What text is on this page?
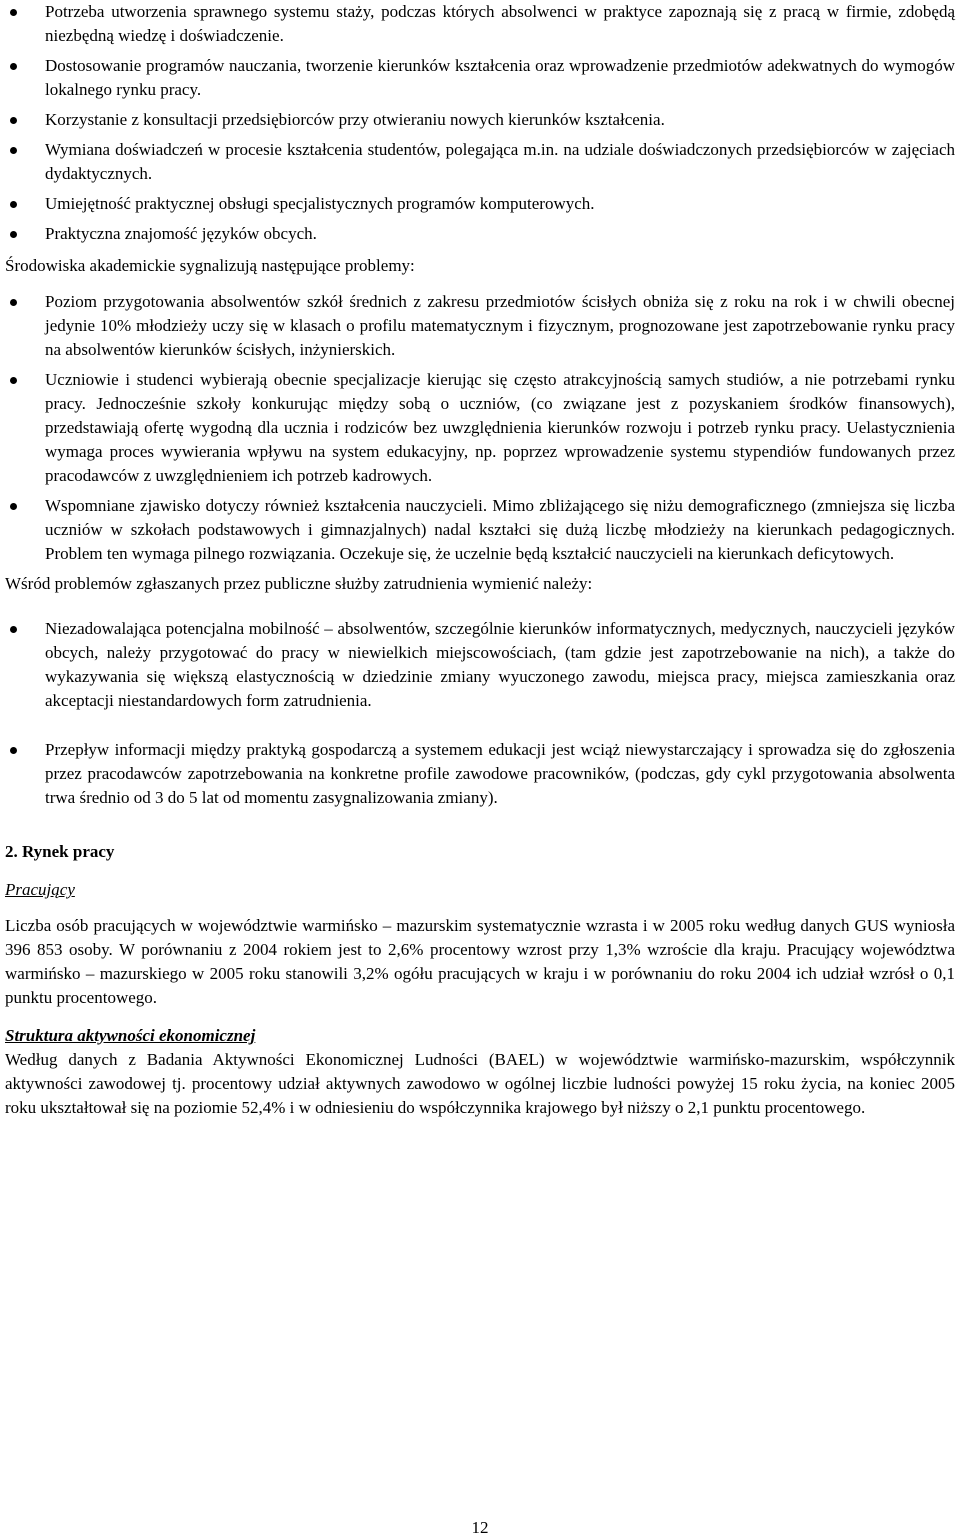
Potrzeba utworzenia sprawnego systemu staży, podczas których absolwenci w praktyce zapoznają się z pracą w firmie, zdobędą niezbędną wiedzę i doświadczenie.
Dostosowanie programów nauczania, tworzenie kierunków kształcenia oraz wprowadzenie przedmiotów adekwatnych do wymogów lokalnego rynku pracy.
Korzystanie z konsultacji przedsiębiorców przy otwieraniu nowych kierunków kształcenia.
Wymiana doświadczeń w procesie kształcenia studentów, polegająca m.in. na udziale doświadczonych przedsiębiorców w zajęciach dydaktycznych.
Umiejętność praktycznej obsługi specjalistycznych programów komputerowych.
Praktyczna znajomość języków obcych.

Środowiska akademickie sygnalizują następujące problemy:

Poziom przygotowania absolwentów szkół średnich z zakresu przedmiotów ścisłych obniża się z roku na rok i w chwili obecnej jedynie 10% młodzieży uczy się w klasach o profilu matematycznym i fizycznym, prognozowane jest zapotrzebowanie rynku pracy na absolwentów kierunków ścisłych, inżynierskich.
Uczniowie i studenci wybierają obecnie specjalizacje kierując się często atrakcyjnością samych studiów, a nie potrzebami rynku pracy. Jednocześnie szkoły konkurując między sobą o uczniów, (co związane jest z pozyskaniem środków finansowych), przedstawiają ofertę wygodną dla ucznia i rodziców bez uwzględnienia kierunków rozwoju i potrzeb rynku pracy. Uelastycznienia wymaga proces wywierania wpływu na system edukacyjny, np. poprzez wprowadzenie systemu stypendiów fundowanych przez pracodawców z uwzględnieniem ich potrzeb kadrowych.
Wspomniane zjawisko dotyczy również kształcenia nauczycieli. Mimo zbliżającego się niżu demograficznego (zmniejsza się liczba uczniów w szkołach podstawowych i gimnazjalnych) nadal kształci się dużą liczbę młodzieży na kierunkach pedagogicznych. Problem ten wymaga pilnego rozwiązania. Oczekuje się, że uczelnie będą kształcić nauczycieli na kierunkach deficytowych.

Wśród problemów zgłaszanych przez publiczne służby zatrudnienia wymienić należy:

Niezadowalająca potencjalna mobilność – absolwentów, szczególnie kierunków informatycznych, medycznych, nauczycieli języków obcych, należy przygotować do pracy w niewielkich miejscowościach, (tam gdzie jest zapotrzebowanie na nich), a także do wykazywania się większą elastycznością w dziedzinie zmiany wyuczonego zawodu, miejsca pracy, miejsca zamieszkania oraz akceptacji niestandardowych form zatrudnienia.
Przepływ informacji między praktyką gospodarczą a systemem edukacji jest wciąż niewystarczający i sprowadza się do zgłoszenia przez pracodawców zapotrzebowania na konkretne profile zawodowe pracowników, (podczas, gdy cykl przygotowania absolwenta trwa średnio od 3 do 5 lat od momentu zasygnalizowania zmiany).

2. Rynek pracy

Pracujący

Liczba osób pracujących w województwie warmińsko – mazurskim systematycznie wzrasta i w 2005 roku według danych GUS wyniosła 396 853 osoby. W porównaniu z 2004 rokiem jest to 2,6% procentowy wzrost przy 1,3% wzroście dla kraju. Pracujący województwa warmińsko – mazurskiego w 2005 roku stanowili 3,2% ogółu pracujących w kraju i w porównaniu do roku 2004 ich udział wzrósł o 0,1 punktu procentowego.

Struktura aktywności ekonomicznej

Według danych z Badania Aktywności Ekonomicznej Ludności (BAEL) w województwie warmińsko-mazurskim, współczynnik aktywności zawodowej tj. procentowy udział aktywnych zawodowo w ogólnej liczbie ludności powyżej 15 roku życia, na koniec 2005 roku ukształtował się na poziomie 52,4% i w odniesieniu do współczynnika krajowego był niższy o 2,1 punktu procentowego.

12
